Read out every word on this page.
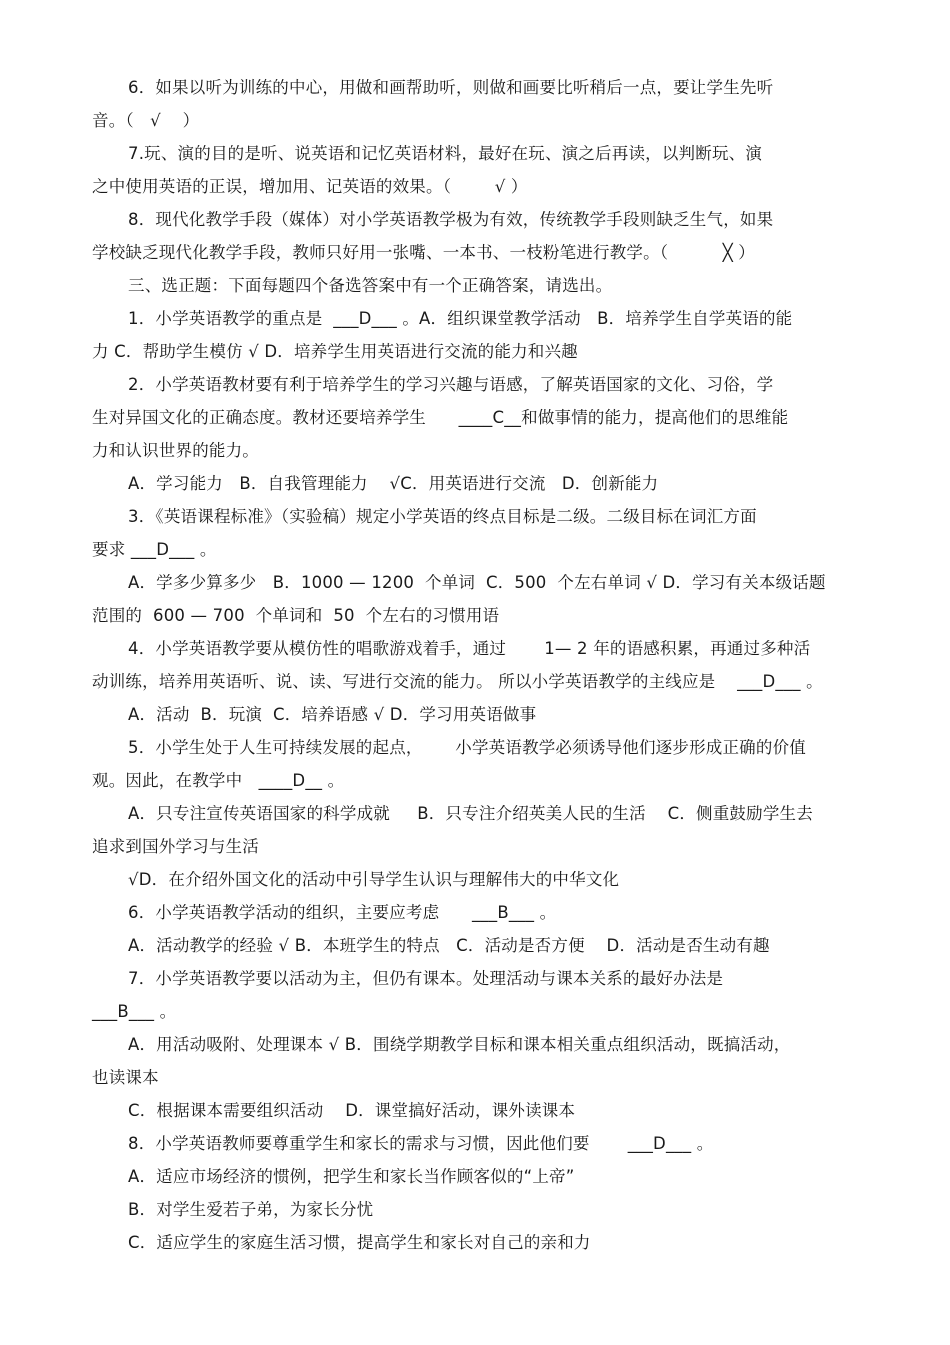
6．如果以听为训练的中心，用做和画帮助听，则做和画要比听稍后一点，要让学生先听
音。（   √    ）
7.玩、演的目的是听、说英语和记忆英语材料，最好在玩、演之后再读，以判断玩、演
之中使用英语的正误，增加用、记英语的效果。（        √ ）
8．现代化教学手段（媒体）对小学英语教学极为有效，传统教学手段则缺乏生气，如果
学校缺乏现代化教学手段，教师只好用一张嘴、一本书、一枝粉笔进行教学。（          ╳ ）
三、选正题：下面每题四个备选答案中有一个正确答案，请选出。
1．小学英语教学的重点是  ___D___ 。A．组织课堂教学活动   B．培养学生自学英语的能
力 C．帮助学生模仿 √ D．培养学生用英语进行交流的能力和兴趣
2．小学英语教材要有利于培养学生的学习兴趣与语感，了解英语国家的文化、习俗，学
生对异国文化的正确态度。教材还要培养学生      ____C__和做事情的能力，提高他们的思维能
力和认识世界的能力。
A．学习能力   B．自我管理能力    √C．用英语进行交流   D．创新能力
3．《英语课程标准》（实验稿）规定小学英语的终点目标是二级。二级目标在词汇方面
要求 ___D___ 。
A．学多少算多少   B．1000 — 1200  个单词  C．500  个左右单词 √ D．学习有关本级话题
范围的  600 — 700  个单词和  50  个左右的习惯用语
4．小学英语教学要从模仿性的唱歌游戏着手，通过       1— 2 年的语感积累，再通过多种活
动训练，培养用英语听、说、读、写进行交流的能力。 所以小学英语教学的主线应是    ___D___ 。
A．活动  B．玩演  C．培养语感 √ D．学习用英语做事
5．小学生处于人生可持续发展的起点，      小学英语教学必须诱导他们逐步形成正确的价值
观。因此，在教学中   ____D__ 。
A．只专注宣传英语国家的科学成就     B．只专注介绍英美人民的生活    C．侧重鼓励学生去
追求到国外学习与生活
√D．在介绍外国文化的活动中引导学生认识与理解伟大的中华文化
6．小学英语教学活动的组织，主要应考虑      ___B___ 。
A．活动教学的经验 √ B．本班学生的特点   C．活动是否方便    D．活动是否生动有趣
7．小学英语教学要以活动为主，但仍有课本。处理活动与课本关系的最好办法是
___B___ 。
A．用活动吸附、处理课本 √ B．围绕学期教学目标和课本相关重点组织活动，既搞活动，
也读课本
C．根据课本需要组织活动    D．课堂搞好活动，课外读课本
8．小学英语教师要尊重学生和家长的需求与习惯，因此他们要       ___D___ 。
A．适应市场经济的惯例，把学生和家长当作顾客似的“上帝”
B．对学生爱若子弟，为家长分忧
C．适应学生的家庭生活习惯，提高学生和家长对自己的亲和力
